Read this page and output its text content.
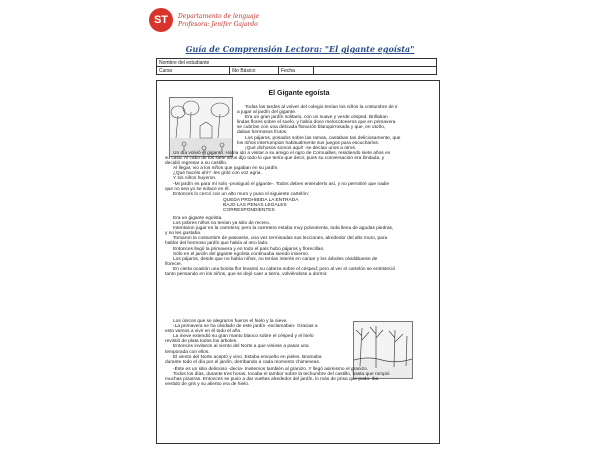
ST	Departamento de lenguaje
Profesora: Jenifer Gajardo
Guía de Comprensión Lectora: "El gigante egoísta"
Nombre del estudiante
Curso	6to Básico	Fecha	
El Gigante egoísta
Todas las tardes al volver del colegio tenían los niños la costumbre de ir
a jugar al jardín del gigante.
Era un gran jardín solitario, con un suave y verde césped. Brillaban
lindas flores sobre el suelo, y había doce melocotoneros que en primavera
se cubrían con una delicada floración blanquirrosada y que, en otoño,
daban hermosos frutos.
Los pájaros, posados sobre las ramas, cantaban tan deliciosamente, que
los niños interrumpían habitualmente sus juegos para escucharlos.
¡Qué dichosos somos aquí! -se decían unos a otros.
Un día volvió el gigante. Había ido a visitar a su amigo el ogro de Cornualles, residiendo siete años en
su casa. Al cabo de los siete años dijo todo lo que tenía que decir, pues su conversación era limitada, y
decidió regresar a su castillo.
Al llegar, vio a los niños que jugaban en su jardín.
¿Qué hacéis ahí? -les gritó con voz agria.
Y los niños huyeron.
-Mi jardín es para mí solo -prosiguió el gigante-. Todos deben entenderlo así, y no permitiré que nadie
que no sea yo se solace en él.
Entonces lo cercó con un alto muro y puso el siguiente cartelón:
QUEDA PROHIBIDA LA ENTRADA
BAJO LAS PENAS LEGALES
CORRESPONDIENTES
Era un gigante egoísta.
Los pobres niños no tenían ya sitio de recreo.
Intentaron jugar en la carretera; pero la carretera estaba muy polvorienta, toda llena de agudas piedras,
y no les gustaba.
Tomaron la costumbre de pasearse, una vez terminadas sus lecciones, alrededor del alto muro, para
hablar del hermoso jardín que había al otro lado.
Entonces llegó la primavera y en todo el país hubo pájaros y florecillas.
Sólo en el jardín del gigante egoísta continuaba siendo invierno.
Los pájaros, desde que no había niños, no tenían interés en cantar y los árboles olvidábanse de
florecer.
En cierta ocasión una bonita flor levantó su cabeza sobre el césped; pero al ver el cartelón se entristeció
tanto pensando en los niños, que se dejó caer a tierra, volviéndose a dormir.
Los únicos que se alegraron fueron el hielo y la nieve.
-La primavera se ha olvidado de este jardín -exclamaban- Gracias a
esto vamos a vivir en él todo el año.
La nieve extendió su gran manto blanco sobre el césped y el hielo
revistió de plata todos los árboles.
Entonces invitaron al viento del Norte a que viniese a pasar una
temporada con ellos.
El viento del Norte aceptó y vino. Estaba envuelto en pieles. Bramaba
durante todo el día por el jardín, derribando a cada momento chimeneas.
-Éste es un sitio delicioso -decía- Invitemos también al granizo. Y llegó asimismo el granizo.
Todos los días, durante tres horas, tocaba el tambor sobre la techumbre del castillo, hasta que rompió
muchas pizarras. Entonces se puso a dar vueltas alrededor del jardín, lo más de prisa que pudo. Iba
vestido de gris y su aliento era de hielo.
